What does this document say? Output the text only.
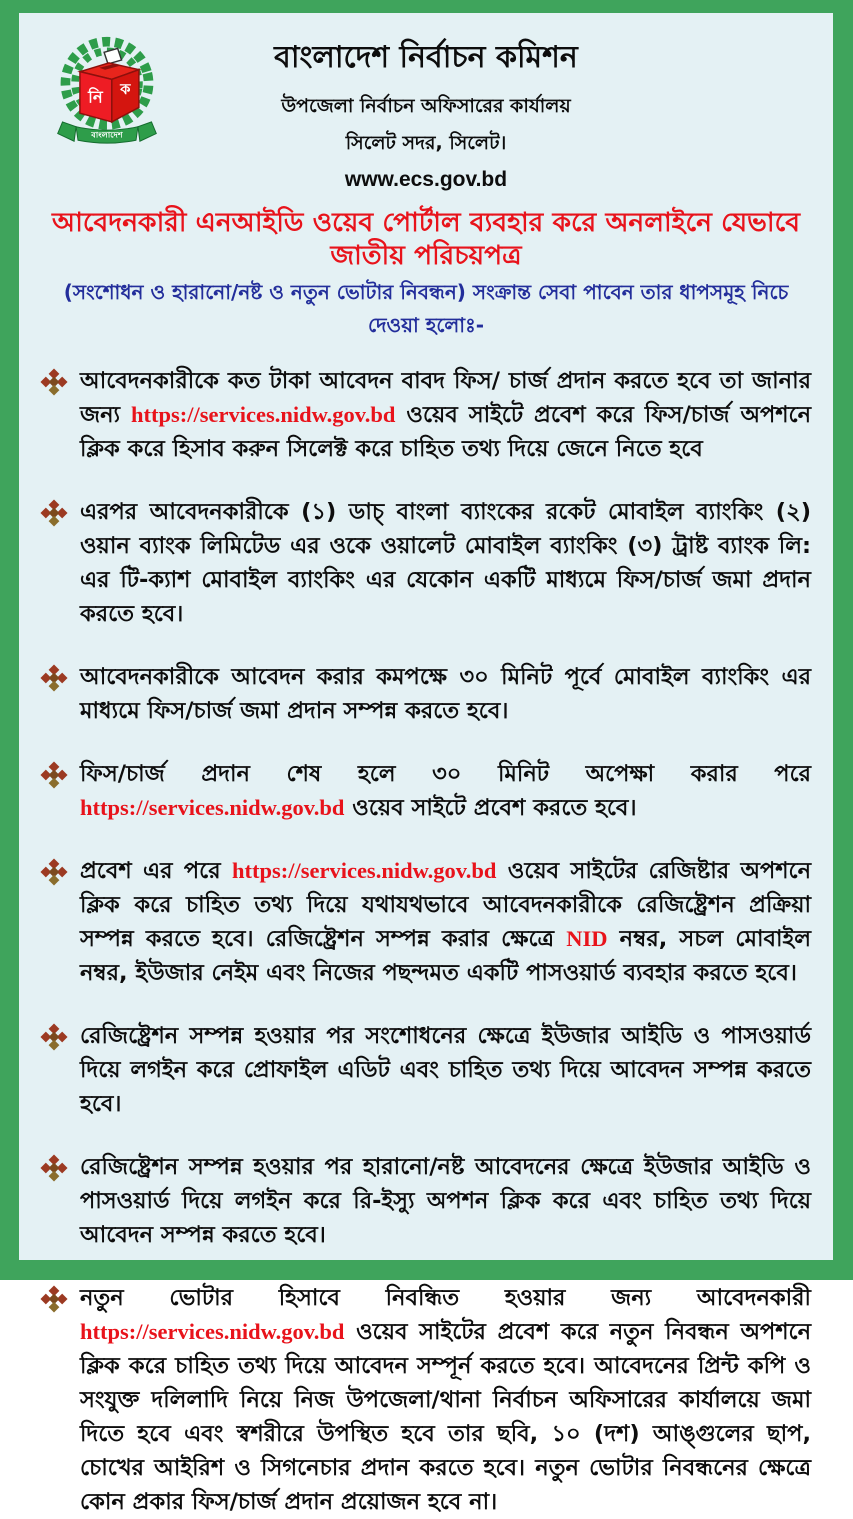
নি ক
বাংলাদেশ
বাংলাদেশ নির্বাচন কমিশন

উপজেলা নির্বাচন অফিসারের কার্যালয়

সিলেট সদর, সিলেট।

www.ecs.gov.bd

আবেদনকারী এনআইডি ওয়েব পোর্টাল ব্যবহার করে অনলাইনে যেভাবে জাতীয় পরিচয়পত্র
(সংশোধন ও হারানো/নষ্ট ও নতুন ভোটার নিবন্ধন) সংক্রান্ত সেবা পাবেন তার ধাপসমূহ নিচে দেওয়া হলোঃ-

আবেদনকারীকে কত টাকা আবেদন বাবদ ফিস/ চার্জ প্রদান করতে হবে তা জানার জন্য https://services.nidw.gov.bd ওয়েব সাইটে প্রবেশ করে ফিস/চার্জ অপশনে ক্লিক করে হিসাব করুন সিলেক্ট করে চাহিত তথ্য দিয়ে জেনে নিতে হবে

এরপর আবেদনকারীকে (১) ডাচ্‌ বাংলা ব্যাংকের রকেট মোবাইল ব্যাংকিং (২) ওয়ান ব্যাংক লিমিটেড এর ওকে ওয়ালেট মোবাইল ব্যাংকিং (৩) ট্রাষ্ট ব্যাংক লি: এর টি-ক্যাশ মোবাইল ব্যাংকিং এর যেকোন একটি মাধ্যমে ফিস/চার্জ জমা প্রদান করতে হবে।

আবেদনকারীকে আবেদন করার কমপক্ষে ৩০ মিনিট পূর্বে মোবাইল ব্যাংকিং এর মাধ্যমে ফিস/চার্জ জমা প্রদান সম্পন্ন করতে হবে।

ফিস/চার্জ প্রদান শেষ হলে ৩০ মিনিট অপেক্ষা করার পরে https://services.nidw.gov.bd ওয়েব সাইটে প্রবেশ করতে হবে।

প্রবেশ এর পরে https://services.nidw.gov.bd ওয়েব সাইটের রেজিষ্টার অপশনে ক্লিক করে চাহিত তথ্য দিয়ে যথাযথভাবে আবেদনকারীকে রেজিষ্ট্রেশন প্রক্রিয়া সম্পন্ন করতে হবে। রেজিষ্ট্রেশন সম্পন্ন করার ক্ষেত্রে NID নম্বর, সচল মোবাইল নম্বর, ইউজার নেইম এবং নিজের পছন্দমত একটি পাসওয়ার্ড ব্যবহার করতে হবে।

রেজিষ্ট্রেশন সম্পন্ন হওয়ার পর সংশোধনের ক্ষেত্রে ইউজার আইডি ও পাসওয়ার্ড দিয়ে লগইন করে প্রোফাইল এডিট এবং চাহিত তথ্য দিয়ে আবেদন সম্পন্ন করতে হবে।

রেজিষ্ট্রেশন সম্পন্ন হওয়ার পর হারানো/নষ্ট আবেদনের ক্ষেত্রে ইউজার আইডি ও পাসওয়ার্ড দিয়ে লগইন করে রি-ইস্যু অপশন ক্লিক করে এবং চাহিত তথ্য দিয়ে আবেদন সম্পন্ন করতে হবে।

নতুন ভোটার হিসাবে নিবন্ধিত হওয়ার জন্য আবেদনকারী https://services.nidw.gov.bd ওয়েব সাইটের প্রবেশ করে নতুন নিবন্ধন অপশনে ক্লিক করে চাহিত তথ্য দিয়ে আবেদন সম্পূর্ন করতে হবে। আবেদনের প্রিন্ট কপি ও সংযুক্ত দলিলাদি নিয়ে নিজ উপজেলা/থানা নির্বাচন অফিসারের কার্যালয়ে জমা দিতে হবে এবং স্বশরীরে উপস্থিত হবে তার ছবি, ১০ (দশ) আঙ্গুলের ছাপ, চোখের আইরিশ ও সিগনেচার প্রদান করতে হবে। নতুন ভোটার নিবন্ধনের ক্ষেত্রে কোন প্রকার ফিস/চার্জ প্রদান প্রয়োজন হবে না।
